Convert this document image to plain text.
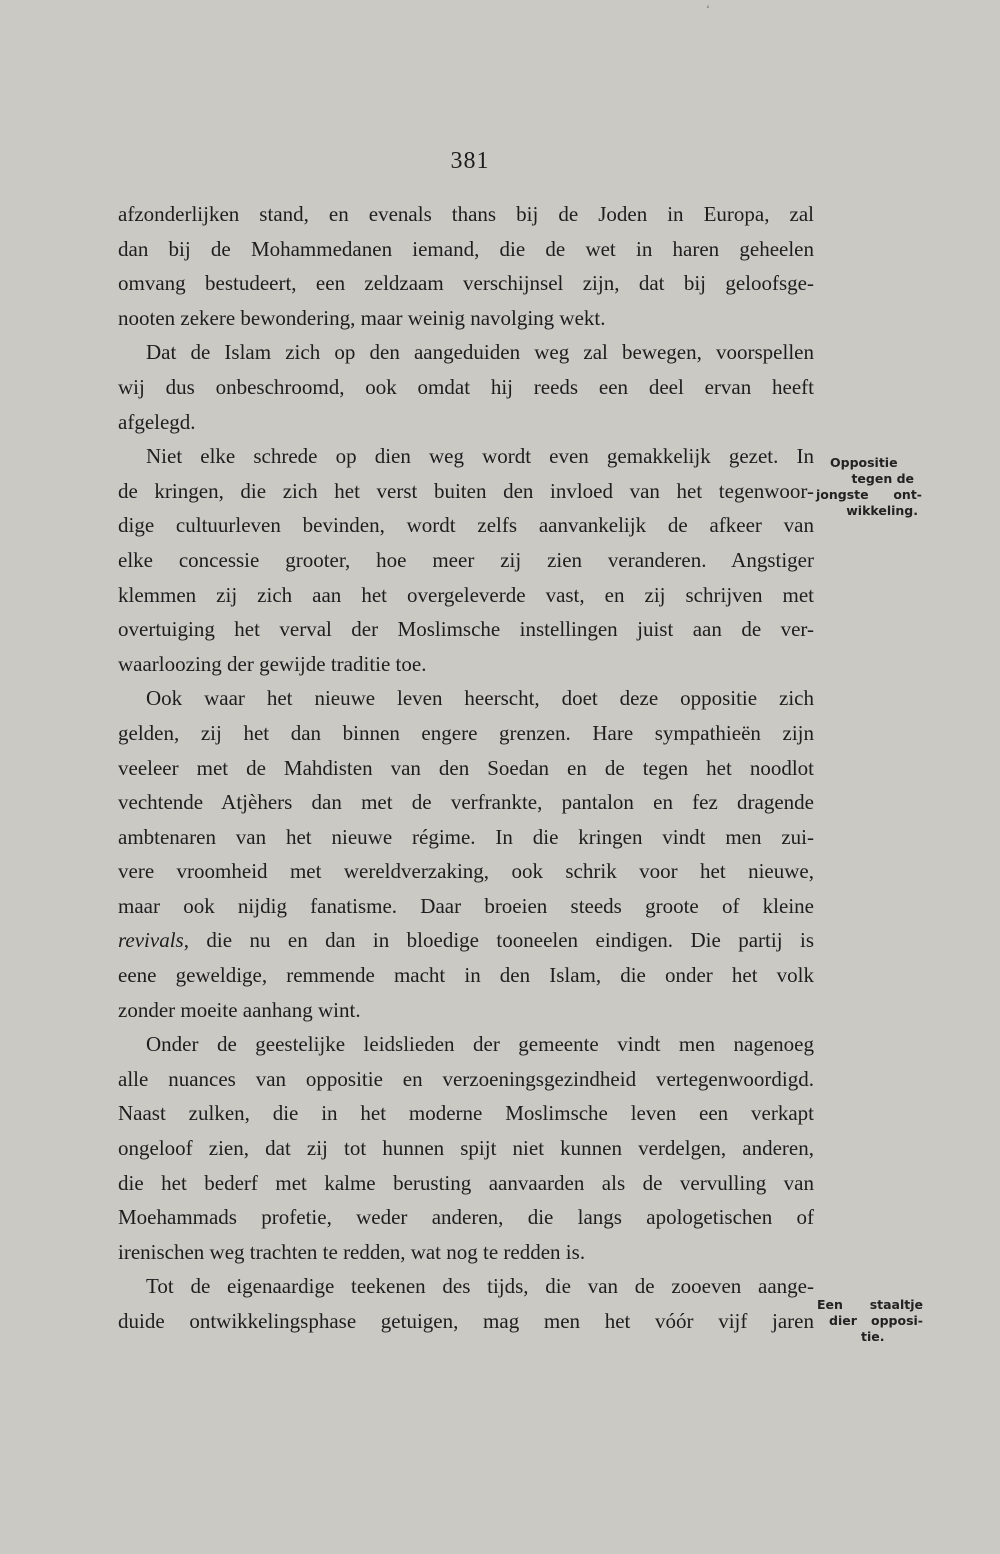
‘
381
afzonderlijken stand, en evenals thans bij de Joden in Europa, zal
dan bij de Mohammedanen iemand, die de wet in haren geheelen
omvang bestudeert, een zeldzaam verschijnsel zijn, dat bij geloofsge-
nooten zekere bewondering, maar weinig navolging wekt.
Dat de Islam zich op den aangeduiden weg zal bewegen, voorspellen
wij dus onbeschroomd, ook omdat hij reeds een deel ervan heeft
afgelegd.
Niet elke schrede op dien weg wordt even gemakkelijk gezet. In
de kringen, die zich het verst buiten den invloed van het tegenwoor-
dige cultuurleven bevinden, wordt zelfs aanvankelijk de afkeer van
elke concessie grooter, hoe meer zij zien veranderen. Angstiger
klemmen zij zich aan het overgeleverde vast, en zij schrijven met
overtuiging het verval der Moslimsche instellingen juist aan de ver-
waarloozing der gewijde traditie toe.
Ook waar het nieuwe leven heerscht, doet deze oppositie zich
gelden, zij het dan binnen engere grenzen. Hare sympathieën zijn
veeleer met de Mahdisten van den Soedan en de tegen het noodlot
vechtende Atjèhers dan met de verfrankte, pantalon en fez dragende
ambtenaren van het nieuwe régime. In die kringen vindt men zui-
vere vroomheid met wereldverzaking, ook schrik voor het nieuwe,
maar ook nijdig fanatisme. Daar broeien steeds groote of kleine
revivals, die nu en dan in bloedige tooneelen eindigen. Die partij is
eene geweldige, remmende macht in den Islam, die onder het volk
zonder moeite aanhang wint.
Onder de geestelijke leidslieden der gemeente vindt men nagenoeg
alle nuances van oppositie en verzoeningsgezindheid vertegenwoordigd.
Naast zulken, die in het moderne Moslimsche leven een verkapt
ongeloof zien, dat zij tot hunnen spijt niet kunnen verdelgen, anderen,
die het bederf met kalme berusting aanvaarden als de vervulling van
Moehammads profetie, weder anderen, die langs apologetischen of
irenischen weg trachten te redden, wat nog te redden is.
Tot de eigenaardige teekenen des tijds, die van de zooeven aange-
duide ontwikkelingsphase getuigen, mag men het vóór vijf jaren
Oppositie
tegen de
jongste ont-
wikkeling.
Een staaltje
dier opposi-
tie.
